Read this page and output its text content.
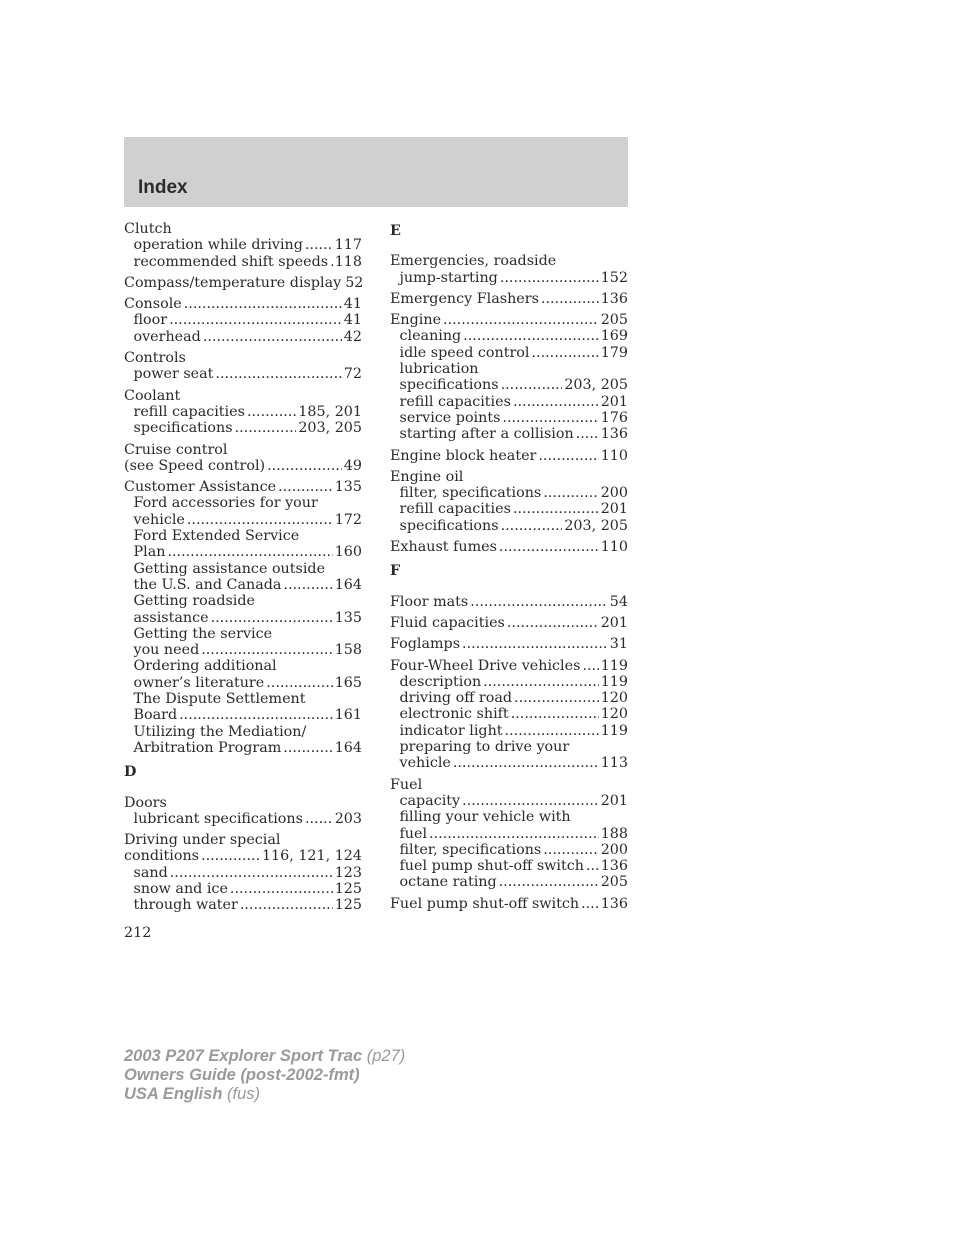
Index
Clutch
operation while driving ..... 117
recommended shift speeds ..... 118
Compass/temperature display 52
Console .....	41
floor .....	41
overhead .....	42
Controls
power seat .....	72
Coolant
refill capacities .....	185, 201
specifications .....	203, 205
Cruise control
(see Speed control) .....	49
Customer Assistance .....	135
Ford accessories for your
vehicle .....	172
Ford Extended Service
Plan .....	160
Getting assistance outside
the U.S. and Canada .....	164
Getting roadside
assistance .....	135
Getting the service
you need .....	158
Ordering additional
owner’s literature .....	165
The Dispute Settlement
Board .....	161
Utilizing the Mediation/
Arbitration Program .....	164
D
Doors
lubricant specifications ..... 203
Driving under special
conditions .....	116, 121, 124
sand .....	123
snow and ice .....	125
through water .....	125
E
Emergencies, roadside
jump-starting .....	152
Emergency Flashers .....	136
Engine .....	205
cleaning .....	169
idle speed control .....	179
lubrication
specifications .....	203, 205
refill capacities .....	201
service points .....	176
starting after a collision ..... 136
Engine block heater .....	110
Engine oil
filter, specifications .....	200
refill capacities .....	201
specifications .....	203, 205
Exhaust fumes .....	110
F
Floor mats .....	54
Fluid capacities .....	201
Foglamps .....	31
Four-Wheel Drive vehicles ..... 119
description .....	119
driving off road .....	120
electronic shift .....	120
indicator light .....	119
preparing to drive your
vehicle .....	113
Fuel
capacity .....	201
filling your vehicle with
fuel .....	188
filter, specifications .....	200
fuel pump shut-off switch ..... 136
octane rating .....	205
Fuel pump shut-off switch ..... 136
212
2003 P207 Explorer Sport Trac (p27)
Owners Guide (post-2002-fmt)
USA English (fus)
